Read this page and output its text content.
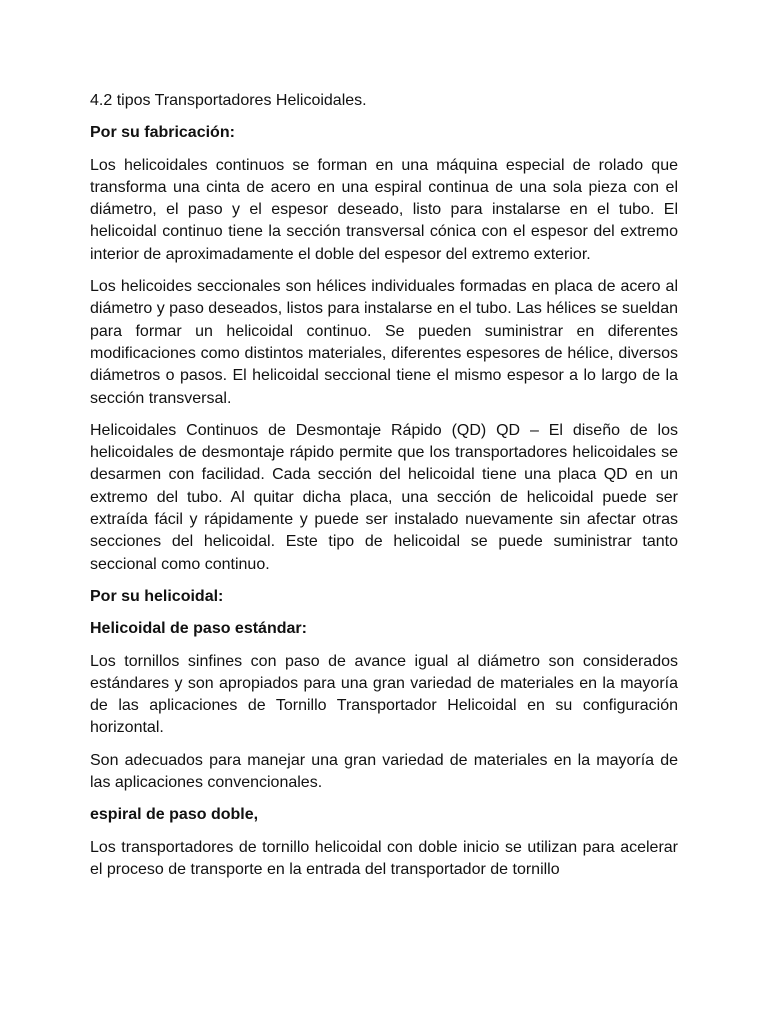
4.2 tipos Transportadores Helicoidales.

Por su fabricación:

Los helicoidales continuos se forman en una máquina especial de rolado que transforma una cinta de acero en una espiral continua de una sola pieza con el diámetro, el paso y el espesor deseado, listo para instalarse en el tubo. El helicoidal continuo tiene la sección transversal cónica con el espesor del extremo interior de aproximadamente el doble del espesor del extremo exterior.

Los helicoides seccionales son hélices individuales formadas en placa de acero al diámetro y paso deseados, listos para instalarse en el tubo. Las hélices se sueldan para formar un helicoidal continuo. Se pueden suministrar en diferentes modificaciones como distintos materiales, diferentes espesores de hélice, diversos diámetros o pasos. El helicoidal seccional tiene el mismo espesor a lo largo de la sección transversal.

Helicoidales Continuos de Desmontaje Rápido (QD) QD – El diseño de los helicoidales de desmontaje rápido permite que los transportadores helicoidales se desarmen con facilidad. Cada sección del helicoidal tiene una placa QD en un extremo del tubo. Al quitar dicha placa, una sección de helicoidal puede ser extraída fácil y rápidamente y puede ser instalado nuevamente sin afectar otras secciones del helicoidal. Este tipo de helicoidal se puede suministrar tanto seccional como continuo.

Por su helicoidal:

Helicoidal de paso estándar:

Los tornillos sinfines con paso de avance igual al diámetro son considerados estándares y son apropiados para una gran variedad de materiales en la mayoría de las aplicaciones de Tornillo Transportador Helicoidal en su configuración horizontal.

Son adecuados para manejar una gran variedad de materiales en la mayoría de las aplicaciones convencionales.

espiral de paso doble,

Los transportadores de tornillo helicoidal con doble inicio se utilizan para acelerar el proceso de transporte en la entrada del transportador de tornillo
